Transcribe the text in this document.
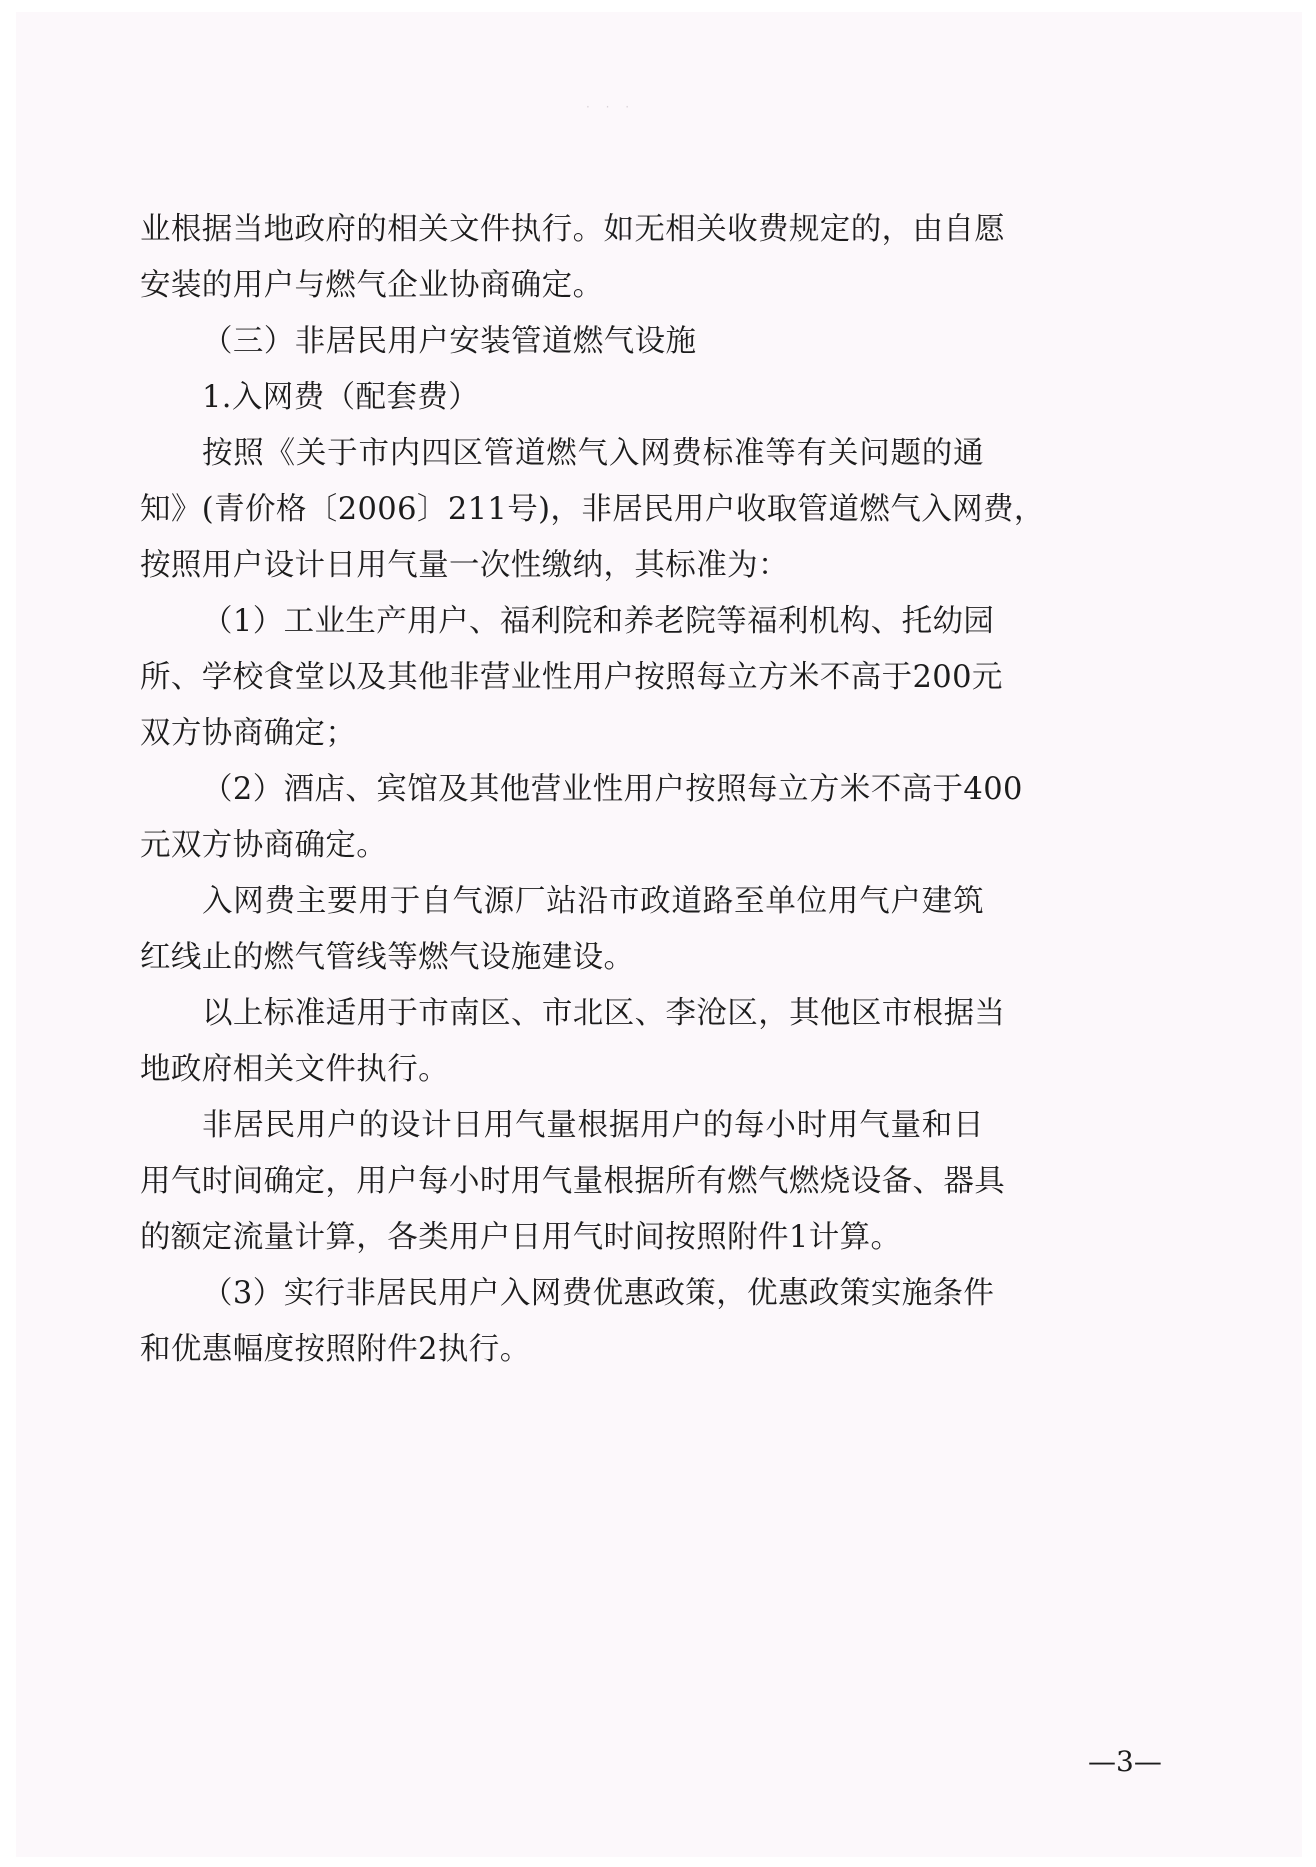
· · ·

业根据当地政府的相关文件执行。如无相关收费规定的，由自愿

安装的用户与燃气企业协商确定。

（三）非居民用户安装管道燃气设施

1.入网费（配套费）

按照《关于市内四区管道燃气入网费标准等有关问题的通

知》(青价格〔2006〕211号)，非居民用户收取管道燃气入网费，

按照用户设计日用气量一次性缴纳，其标准为：

（1）工业生产用户、福利院和养老院等福利机构、托幼园

所、学校食堂以及其他非营业性用户按照每立方米不高于200元

双方协商确定；

（2）酒店、宾馆及其他营业性用户按照每立方米不高于400

元双方协商确定。

入网费主要用于自气源厂站沿市政道路至单位用气户建筑

红线止的燃气管线等燃气设施建设。

以上标准适用于市南区、市北区、李沧区，其他区市根据当

地政府相关文件执行。

非居民用户的设计日用气量根据用户的每小时用气量和日

用气时间确定，用户每小时用气量根据所有燃气燃烧设备、器具

的额定流量计算，各类用户日用气时间按照附件1计算。

（3）实行非居民用户入网费优惠政策，优惠政策实施条件

和优惠幅度按照附件2执行。

—3—
